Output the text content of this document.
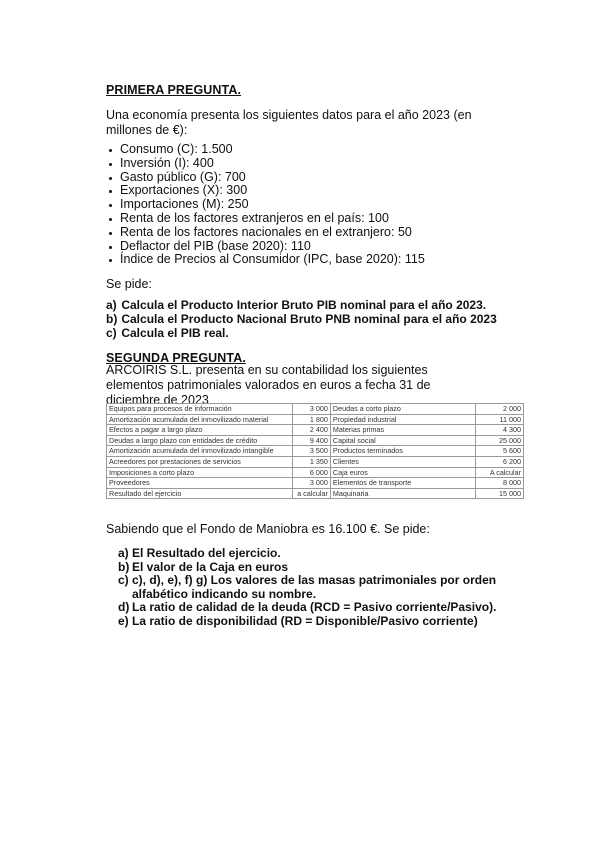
PRIMERA PREGUNTA.
Una economía presenta los siguientes datos para el año 2023 (en millones de €):
Consumo (C): 1.500
Inversión (I): 400
Gasto público (G): 700
Exportaciones (X): 300
Importaciones (M): 250
Renta de los factores extranjeros en el país: 100
Renta de los factores nacionales en el extranjero: 50
Deflactor del PIB (base 2020): 110
Índice de Precios al Consumidor (IPC, base 2020): 115
Se pide:
a) Calcula el Producto Interior Bruto PIB nominal para el año 2023.
b) Calcula el Producto Nacional Bruto PNB nominal para el año 2023
c) Calcula el PIB real.
SEGUNDA PREGUNTA.
ARCOIRIS S.L. presenta en su contabilidad los siguientes elementos patrimoniales valorados en euros a fecha 31 de diciembre de 2023
Equipos para procesos de información	3 000	Deudas a corto plazo	2 000
Amortización acumulada del inmovilizado material	1 800	Propiedad industrial	11 000
Efectos a pagar a largo plazo	2 400	Materias primas	4 300
Deudas a largo plazo con entidades de crédito	9 400	Capital social	25 000
Amortización acumulada del inmovilizado intangible	3 500	Productos terminados	5 600
Acreedores por prestaciones de servicios	1 350	Clientes	6 200
Imposiciones a corto plazo	6 000	Caja euros	A calcular
Proveedores	3 000	Elementos de transporte	8 000
Resultado del ejercicio	a calcular	Maquinaria	15 000
Sabiendo que el Fondo de Maniobra es 16.100 €. Se pide:
a) El Resultado del ejercicio.
b) El valor de la Caja en euros
c) c), d), e), f) g) Los valores de las masas patrimoniales por orden alfabético indicando su nombre.
d) La ratio de calidad de la deuda (RCD = Pasivo corriente/Pasivo).
e) La ratio de disponibilidad (RD = Disponible/Pasivo corriente)
